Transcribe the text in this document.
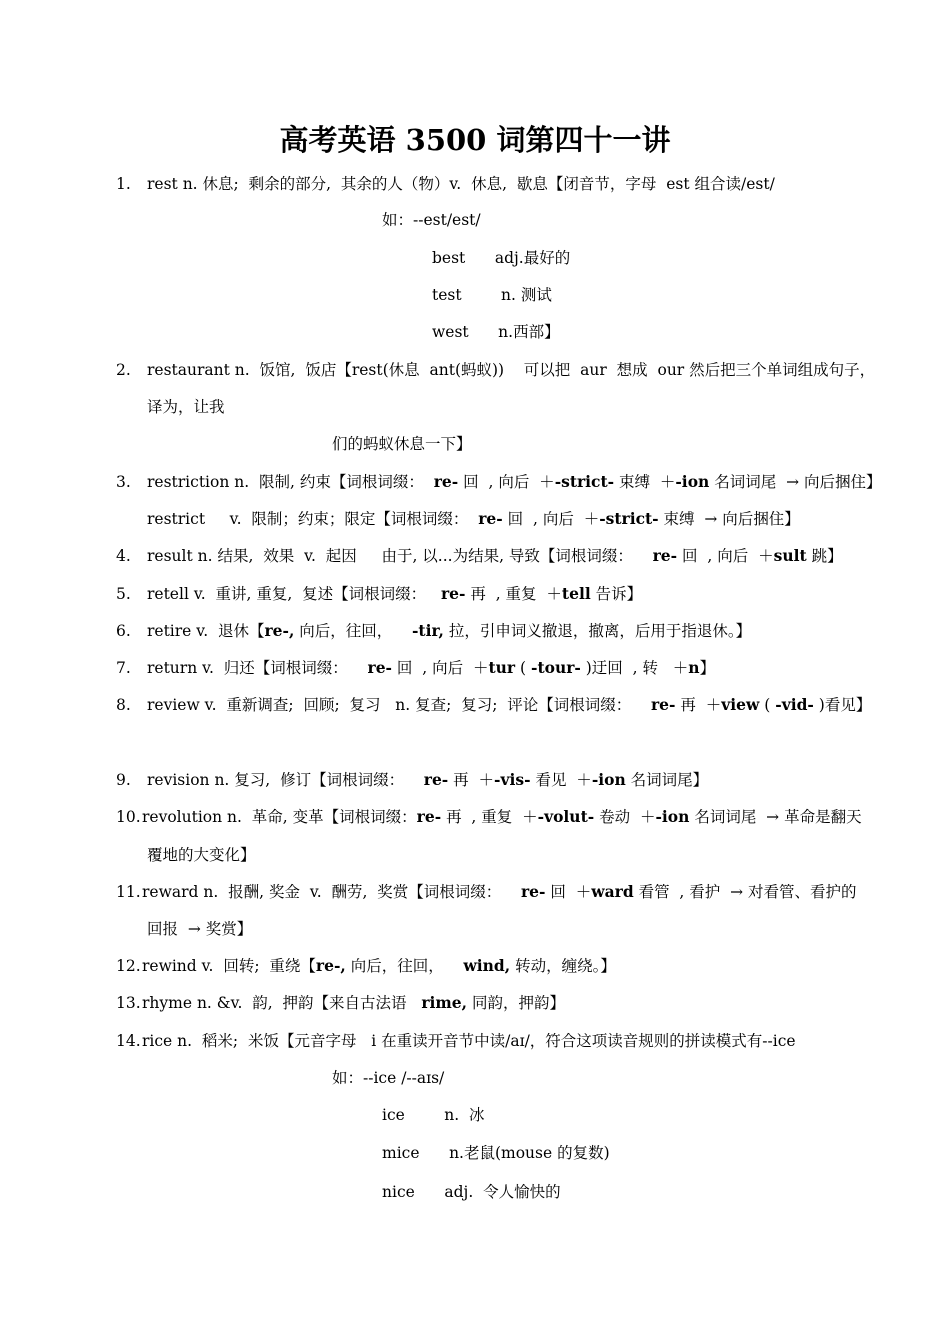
高考英语 3500 词第四十一讲
1. rest n. 休息;  剩余的部分,  其余的人（物）v.  休息,  歇息【闭音节，字母  est 组合读/est/
如：--est/est/
best      adj.最好的
test        n. 测试
west      n.西部】
2. restaurant n.  饭馆,  饭店【rest(休息  ant(蚂蚁))    可以把  aur  想成  our 然后把三个单词组成句子，
译为，让我
们的蚂蚁休息一下】
3. restriction n.  限制, 约束【词根词缀：  re- 回  , 向后  ＋-strict- 束缚  ＋-ion 名词词尾  → 向后捆住】
restrict     v.  限制；约束；限定【词根词缀：  re- 回  , 向后  ＋-strict- 束缚  → 向后捆住】
4. result n. 结果,  效果  v.  起因     由于, 以...为结果, 导致【词根词缀：    re- 回  , 向后  ＋sult 跳】
5. retell v.  重讲, 重复,  复述【词根词缀：   re- 再  , 重复  ＋tell 告诉】
6. retire v.  退休【re-, 向后，往回，    -tir, 拉，引申词义撤退，撤离，后用于指退休。】
7. return v.  归还【词根词缀：    re- 回  , 向后  ＋tur ( -tour- )迂回  , 转   ＋n】
8. review v.  重新调查;  回顾;  复习   n. 复查;  复习;  评论【词根词缀：    re- 再  ＋view ( -vid- )看见】
9. revision n. 复习,  修订【词根词缀：    re- 再  ＋-vis- 看见  ＋-ion 名词词尾】
10. revolution n.  革命, 变革【词根词缀：re- 再  , 重复  ＋-volut- 卷动  ＋-ion 名词词尾  → 革命是翻天
覆地的大变化】
11. reward n.  报酬, 奖金  v.  酬劳,  奖赏【词根词缀：    re- 回  ＋ward 看管  , 看护  → 对看管、看护的
回报  → 奖赏】
12. rewind v.  回转;  重绕【re-, 向后，往回，    wind, 转动，缠绕。】
13. rhyme n. &v.  韵,  押韵【来自古法语   rime, 同韵，押韵】
14. rice n.  稻米;  米饭【元音字母   i 在重读开音节中读/aɪ/，符合这项读音规则的拼读模式有--ice
如：--ice /--aɪs/
ice        n.  冰
mice      n.老鼠(mouse 的复数)
nice      adj.  令人愉快的
